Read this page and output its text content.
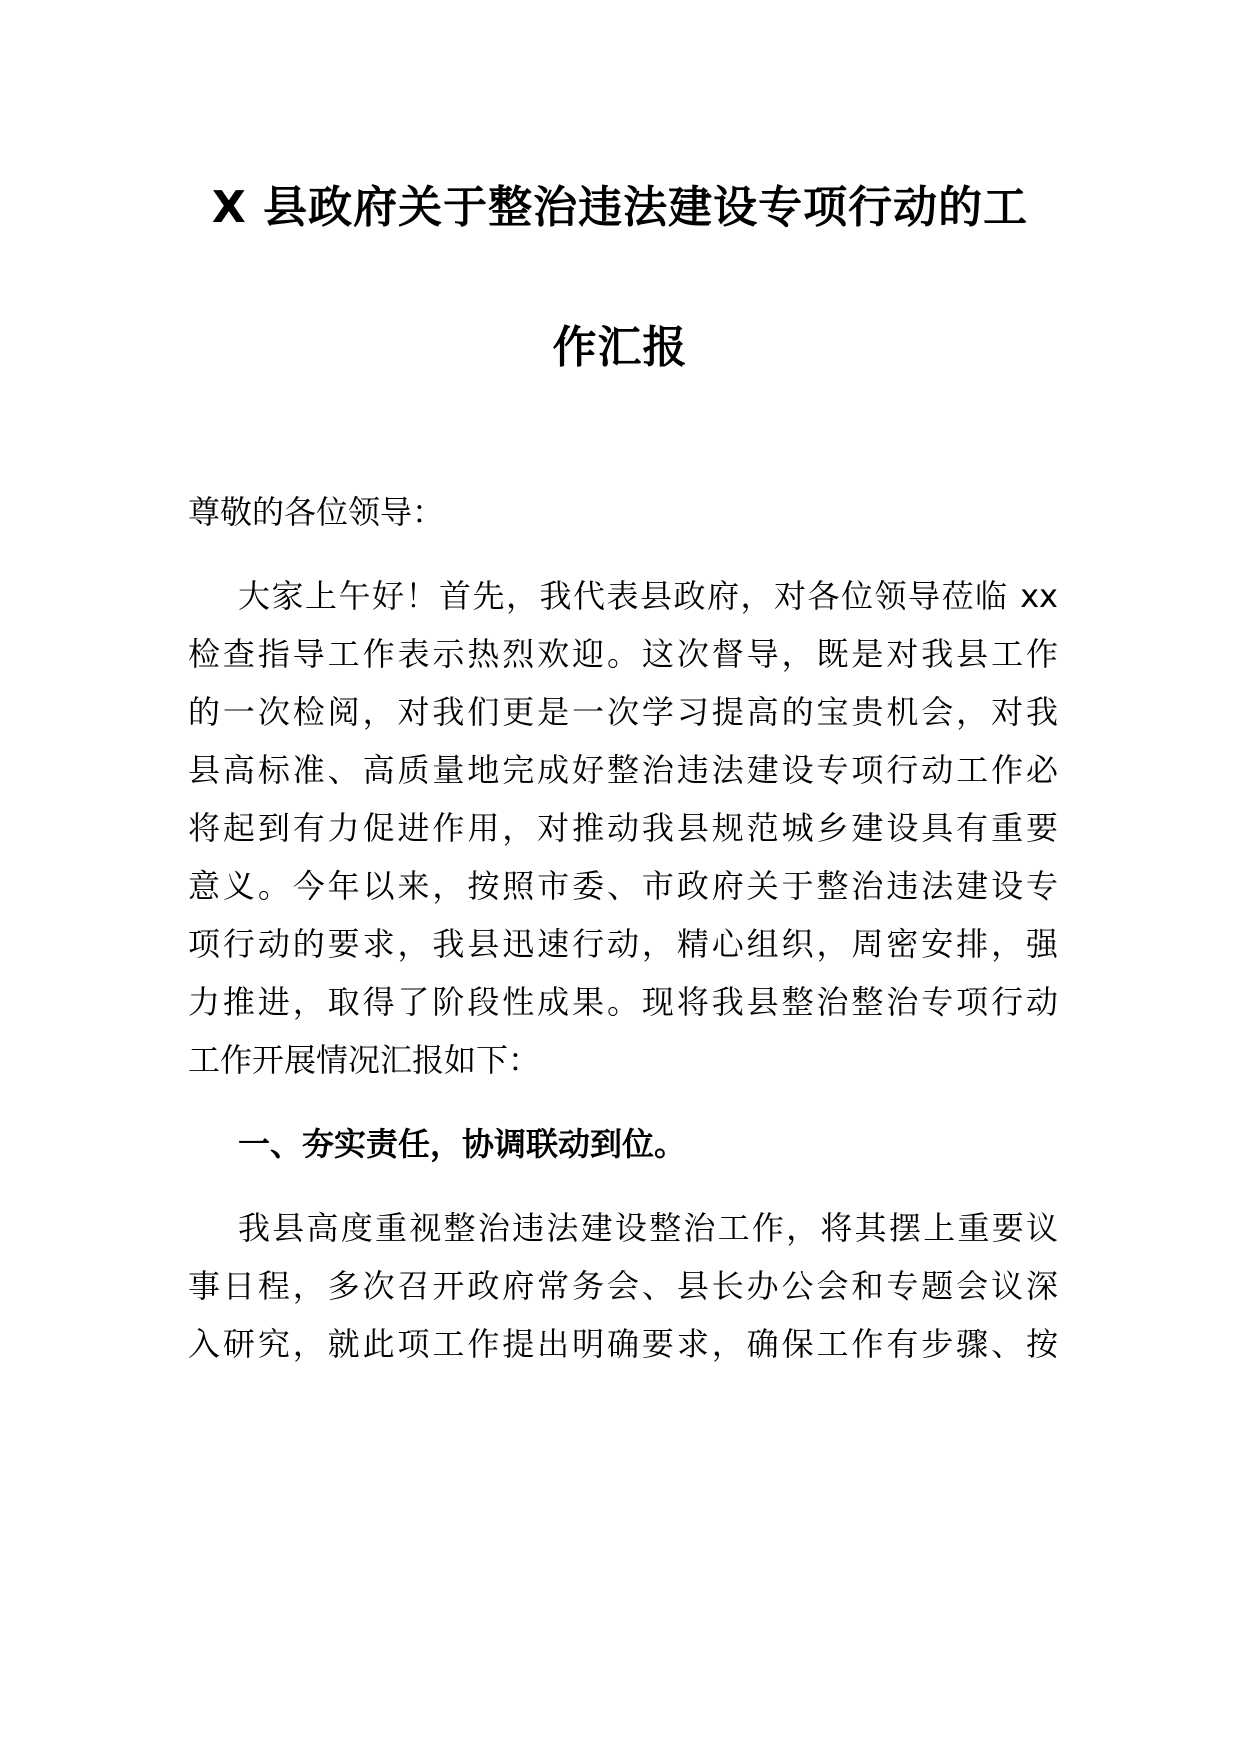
X 县政府关于整治违法建设专项行动的工
作汇报
尊敬的各位领导：
大家上午好！首先，我代表县政府，对各位领导莅临 xx
检查指导工作表示热烈欢迎。这次督导，既是对我县工作
的一次检阅，对我们更是一次学习提高的宝贵机会，对我
县高标准、高质量地完成好整治违法建设专项行动工作必
将起到有力促进作用，对推动我县规范城乡建设具有重要
意义。今年以来，按照市委、市政府关于整治违法建设专
项行动的要求，我县迅速行动，精心组织，周密安排，强
力推进，取得了阶段性成果。现将我县整治整治专项行动
工作开展情况汇报如下：
一、夯实责任，协调联动到位。
我县高度重视整治违法建设整治工作，将其摆上重要议
事日程，多次召开政府常务会、县长办公会和专题会议深
入研究，就此项工作提出明确要求，确保工作有步骤、按
